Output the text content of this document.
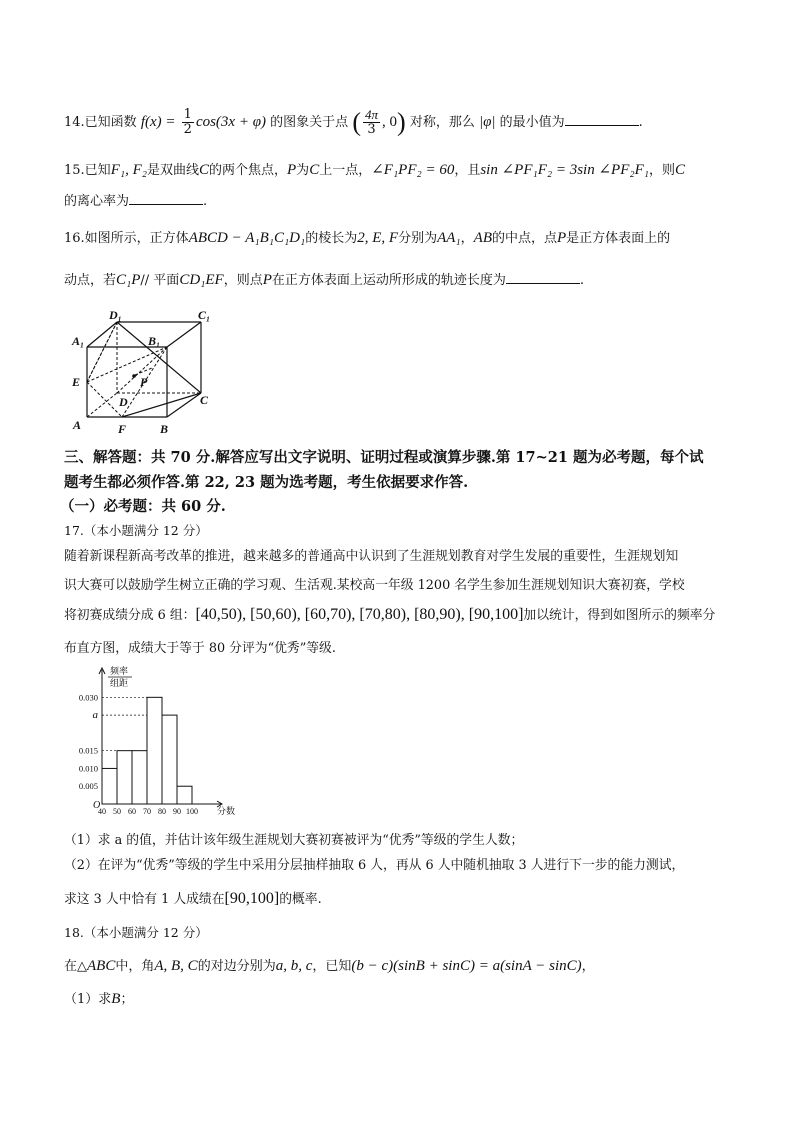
14.已知函数 $f(x) = \frac{1}{2} \cos(3x + \varphi)$ 的图象关于点 ( $\frac{4\pi}{3}$ , 0) 对称，那么 |φ| 的最小值为	.
15.已知F₁, F₂是双曲线C的两个焦点，P为C上一点，∠F₁PF₂ = 60，且sin ∠PF₁F₂ = 3sin ∠PF₂F₁，则C
的离心率为	.
16.如图所示，正方体ABCD − A₁B₁C₁D₁的棱长为2, E, F分别为AA₁，AB的中点，点P是正方体表面上的
动点，若C₁P// 平面CD₁EF，则点P在正方体表面上运动所形成的轨迹长度为	.
D₁	C₁
A₁	B₁
E	P
D	C
A	F	B
三、解答题：共 70 分.解答应写出文字说明、证明过程或演算步骤.第 17~21 题为必考题，每个试
题考生都必须作答.第 22, 23 题为选考题，考生依据要求作答.
（一）必考题：共 60 分.
17.（本小题满分 12 分）
随着新课程新高考改革的推进，越来越多的普通高中认识到了生涯规划教育对学生发展的重要性，生涯规划知
识大赛可以鼓励学生树立正确的学习观、生活观.某校高一年级 1200 名学生参加生涯规划知识大赛初赛，学校
将初赛成绩分成 6 组：[40,50), [50,60), [60,70), [70,80), [80,90), [90,100]加以统计，得到如图所示的频率分
布直方图，成绩大于等于 80 分评为“优秀”等级.
频率
组距
0.030
a
0.015
0.010
0.005
40 50 60 70 80 90 100
O	分数
（1）求 a 的值，并估计该年级生涯规划大赛初赛被评为“优秀”等级的学生人数；
（2）在评为“优秀”等级的学生中采用分层抽样抽取 6 人，再从 6 人中随机抽取 3 人进行下一步的能力测试，
求这 3 人中恰有 1 人成绩在[90,100]的概率.
18.（本小题满分 12 分）
在△ABC中，角A, B, C的对边分别为a, b, c，已知(b − c)(sinB + sinC) = a(sinA − sinC)，
（1）求B；
